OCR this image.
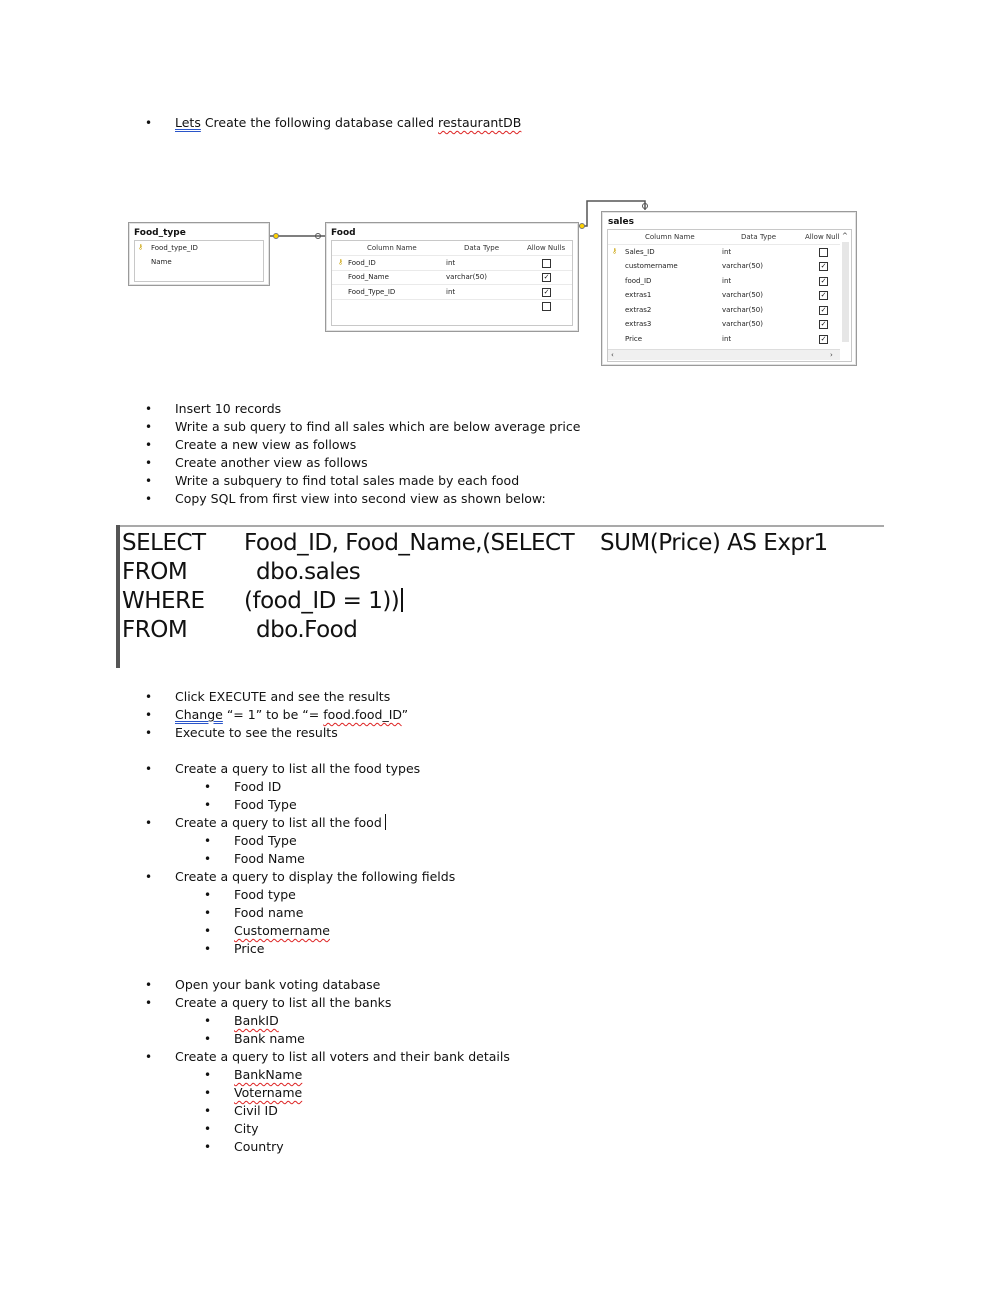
• Lets Create the following database called restaurantDB
Food_type
⚷ Food_type_ID
Name
Food
Column Name	Data Type	Allow Nulls
⚷ Food_ID	int
Food_Name	varchar(50)	✓
Food_Type_ID	int	✓
sales
Column Name	Data Type	Allow Null ^
⚷ Sales_ID	int
customername	varchar(50)	✓
food_ID	int	✓
extras1	varchar(50)	✓
extras2	varchar(50)	✓
extras3	varchar(50)	✓
Price	int	✓
‹	›
• Insert 10 records
• Write a sub query to find all sales which are below average price
• Create a new view as follows
• Create another view as follows
• Write a subquery to find total sales made by each food
• Copy SQL from first view into second view as shown below:
SELECT Food_ID, Food_Name,(SELECT SUM(Price) AS Expr1
FROM	dbo.sales
WHERE (food_ID = 1))
FROM	dbo.Food
• Click EXECUTE and see the results
• Change “= 1” to be “= food.food_ID”
• Execute to see the results
• Create a query to list all the food types
• Food ID
• Food Type
• Create a query to list all the food
• Food Type
• Food Name
• Create a query to display the following fields
• Food type
• Food name
• Customername
• Price
• Open your bank voting database
• Create a query to list all the banks
• BankID
• Bank name
• Create a query to list all voters and their bank details
• BankName
• Votername
• Civil ID
• City
• Country
